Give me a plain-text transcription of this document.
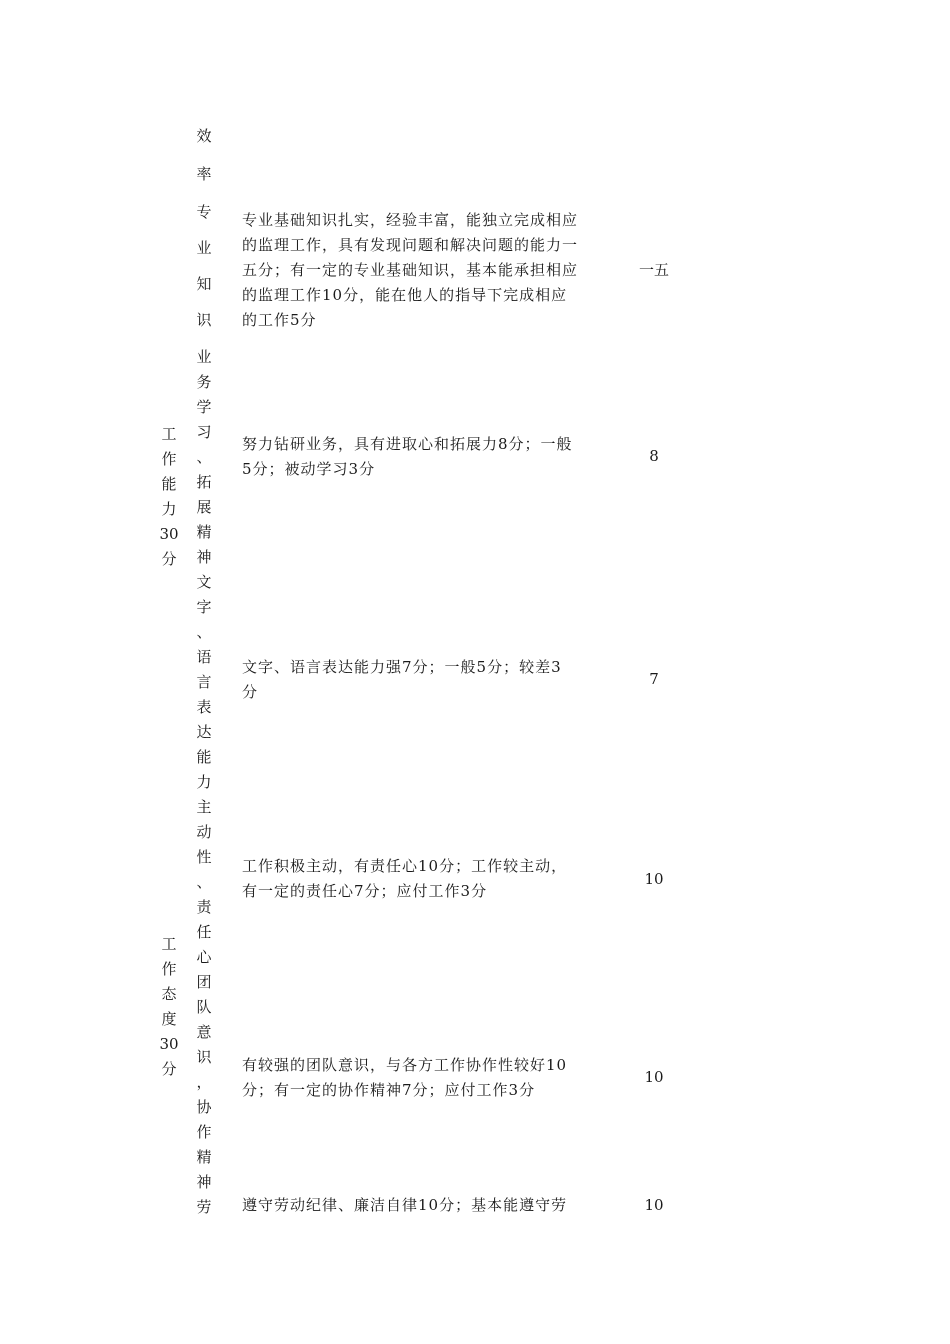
工
作
能
力
30
分
工
作
态
度
30
分
效
率
专
业
知
识
业
务
学
习
、
拓
展
精
神
文
字
、
语
言
表
达
能
力
主
动
性
、
责
任
心
团
队
意
识
，
协
作
精
神
劳
专业基础知识扎实，经验丰富，能独立完成相应
的监理工作，具有发现问题和解决问题的能力一
五分；有一定的专业基础知识，基本能承担相应
的监理工作10分，能在他人的指导下完成相应
的工作5分
一五
努力钻研业务，具有进取心和拓展力8分；一般
5分；被动学习3分
8
文字、语言表达能力强7分；一般5分；较差3
分
7
工作积极主动，有责任心10分；工作较主动，
有一定的责任心7分；应付工作3分
10
有较强的团队意识，与各方工作协作性较好10
分；有一定的协作精神7分；应付工作3分
10
遵守劳动纪律、廉洁自律10分；基本能遵守劳	10
